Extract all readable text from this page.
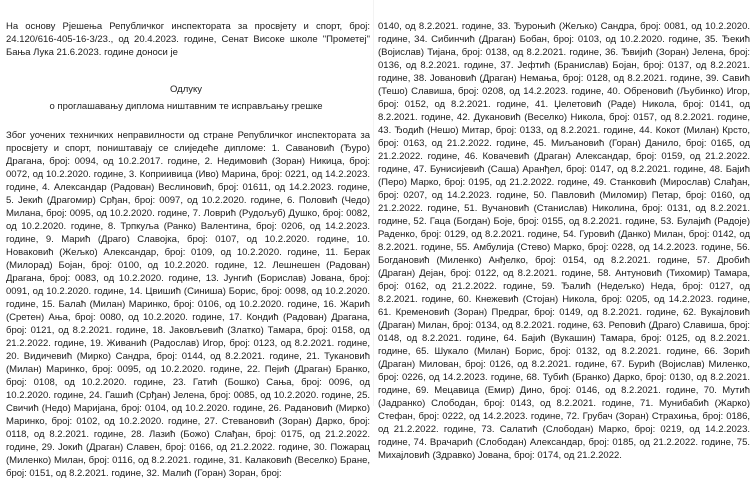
На основу Рјешења Републичког инспектората за просвјету и спорт, број: 24.120/616-405-16-3/23., од 20.4.2023. године, Сенат Високе школе "Прометеј" Бања Лука 21.6.2023. године доноси је
Одлуку
о проглашавању диплома ништавним те исправљању грешке
Због уочених техничких неправилности од стране Републичког инспектората за просвјету и спорт, поништавају се слиједеће дипломе: 1. Савановић (Ђуро) Драгана, број: 0094, од 10.2.2017. године, 2. Недимовић (Зоран) Никица, број: 0072, од 10.2.2020. године, 3. Коприивица (Иво) Марина, број: 0221, од 14.2.2023. године, 4. Александар (Радован) Веслиновић, број: 01611, од 14.2.2023. године, 5. Јекић (Драгомир) Срђан, број: 0097, од 10.2.2020. године, 6. Половић (Чедо) Милана, број: 0095, од 10.2.2020. године, 7. Ловрић (Рудољуб) Душко, број: 0082, од 10.2.2020. године, 8. Трпкуља (Ранко) Валентина, број: 0206, од 14.2.2023. године, 9. Марић (Драго) Славојка, број: 0107, од 10.2.2020. године, 10. Новаковић (Жељко) Александар, број: 0109, од 10.2.2020. године, 11. Берак (Милорад) Бојан, број: 0100, од 10.2.2020. године, 12. Лешнешен (Радован) Драгана, број: 0083, од 10.2.2020. године, 13. Јунгић (Борислав) Јована, број: 0091, од 10.2.2020. године, 14. Цвишић (Синиша) Борис, број: 0098, од 10.2.2020. године, 15. Балаћ (Милан) Маринко, број: 0106, од 10.2.2020. године, 16. Жарић (Сретен) Ања, број: 0080, од 10.2.2020. године, 17. Кондић (Радован) Драгана, број: 0121, од 8.2.2021. године, 18. Јаковљевић (Златко) Тамара, број: 0158, од 21.2.2022. године, 19. Живанић (Радослав) Игор, број: 0123, од 8.2.2021. године, 20. Видичевић (Мирко) Сандра, број: 0144, од 8.2.2021. године, 21. Тукановић (Милан) Маринко, број: 0095, од 10.2.2020. године, 22. Пејић (Драган) Бранко, број: 0108, од 10.2.2020. године, 23. Гатић (Бошко) Сања, број: 0096, од 10.2.2020. године, 24. Гашић (Срђан) Јелена, број: 0085, од 10.2.2020. године, 25. Свичић (Недо) Маријана, број: 0104, од 10.2.2020. године, 26. Радановић (Мирко) Маринко, број: 0102, од 10.2.2020. године, 27. Стевановић (Зоран) Дарко, број: 0118, од 8.2.2021. године, 28. Лазић (Божо) Слађан, број: 0175, од 21.2.2022. године, 29. Јокић (Драган) Славен, број: 0166, од 21.2.2022. године, 30. Пожарац (Миленко) Милан, број: 0116, од 8.2.2021. године, 31. Калаковић (Веселко) Бране, број: 0151, од 8.2.2021. године, 32. Малић (Горан) Зоран, број:
0140, од 8.2.2021. године, 33. Ђуроњић (Жељко) Сандра, број: 0081, од 10.2.2020. године, 34. Сибинчић (Драган) Бобан, број: 0103, од 10.2.2020. године, 35. Ђекић (Војислав) Тијана, број: 0138, од 8.2.2021. године, 36. Ђвијић (Зоран) Јелена, број: 0136, од 8.2.2021. године, 37. Јефтић (Бранислав) Бојан, број: 0137, од 8.2.2021. године, 38. Јовановић (Драган) Немања, број: 0128, од 8.2.2021. године, 39. Савић (Тешо) Славиша, број: 0208, од 14.2.2023. године, 40. Обреновић (Љубинко) Игор, број: 0152, од 8.2.2021. године, 41. Џелетовић (Раде) Никола, број: 0141, од 8.2.2021. године, 42. Дукановић (Веселко) Никола, број: 0157, од 8.2.2021. године, 43. Ђодић (Нешо) Митар, број: 0133, од 8.2.2021. године, 44. Кокот (Милан) Крсто, број: 0163, од 21.2.2022. године, 45. Миљановић (Горан) Данило, број: 0165, од 21.2.2022. године, 46. Ковачевић (Драган) Александар, број: 0159, од 21.2.2022. године, 47. Бунисијевић (Саша) Аранђел, број: 0147, од 8.2.2021. године, 48. Бајић (Перо) Марко, број: 0195, од 21.2.2022. године, 49. Станковић (Мирослав) Слађан, број: 0207, од 14.2.2023. године, 50. Павловић (Миломир) Петар, број: 0160, од 21.2.2022. године, 51. Вучановић (Станислав) Николина, број: 0131, од 8.2.2021. године, 52. Гаца (Богдан) Боје, број: 0155, од 8.2.2021. године, 53. Булајић (Радоје) Раденко, број: 0129, од 8.2.2021. године, 54. Гуровић (Данко) Милан, број: 0142, од 8.2.2021. године, 55. Амбулија (Стево) Марко, број: 0228, од 14.2.2023. године, 56. Богдановић (Миленко) Анђелко, број: 0154, од 8.2.2021. године, 57. Дробић (Драган) Дејан, број: 0122, од 8.2.2021. године, 58. Антуновић (Тихомир) Тамара, број: 0162, од 21.2.2022. године, 59. Ђалић (Недељко) Неда, број: 0127, од 8.2.2021. године, 60. Кнежевић (Стојан) Никола, број: 0205, од 14.2.2023. године, 61. Кременовић (Зоран) Предраг, број: 0149, од 8.2.2021. године, 62. Вукајловић (Драган) Милан, број: 0134, од 8.2.2021. године, 63. Реповић (Драго) Славиша, број: 0148, од 8.2.2021. године, 64. Бајић (Вукашин) Тамара, број: 0125, од 8.2.2021. године, 65. Шукало (Милан) Борис, број: 0132, од 8.2.2021. године, 66. Зорић (Драган) Милован, број: 0126, од 8.2.2021. године, 67. Бурић (Војислав) Миленко, број: 0226, од 14.2.2023. године, 68. Тубић (Бранко) Дарко, број: 0130, од 8.2.2021. године, 69. Мецавица (Емир) Дино, број: 0146, од 8.2.2021. године, 70. Мутић (Јадранко) Слободан, број: 0143, од 8.2.2021. године, 71. Мунибабић (Жарко) Стефан, број: 0222, од 14.2.2023. године, 72. Грубач (Зоран) Страхиња, број: 0186, од 21.2.2022. године, 73. Салатић (Слободан) Марко, број: 0219, од 14.2.2023. године, 74. Врачарић (Слободан) Александар, број: 0185, од 21.2.2022. године, 75. Михајловић (Здравко) Јована, број: 0174, од 21.2.2022.
